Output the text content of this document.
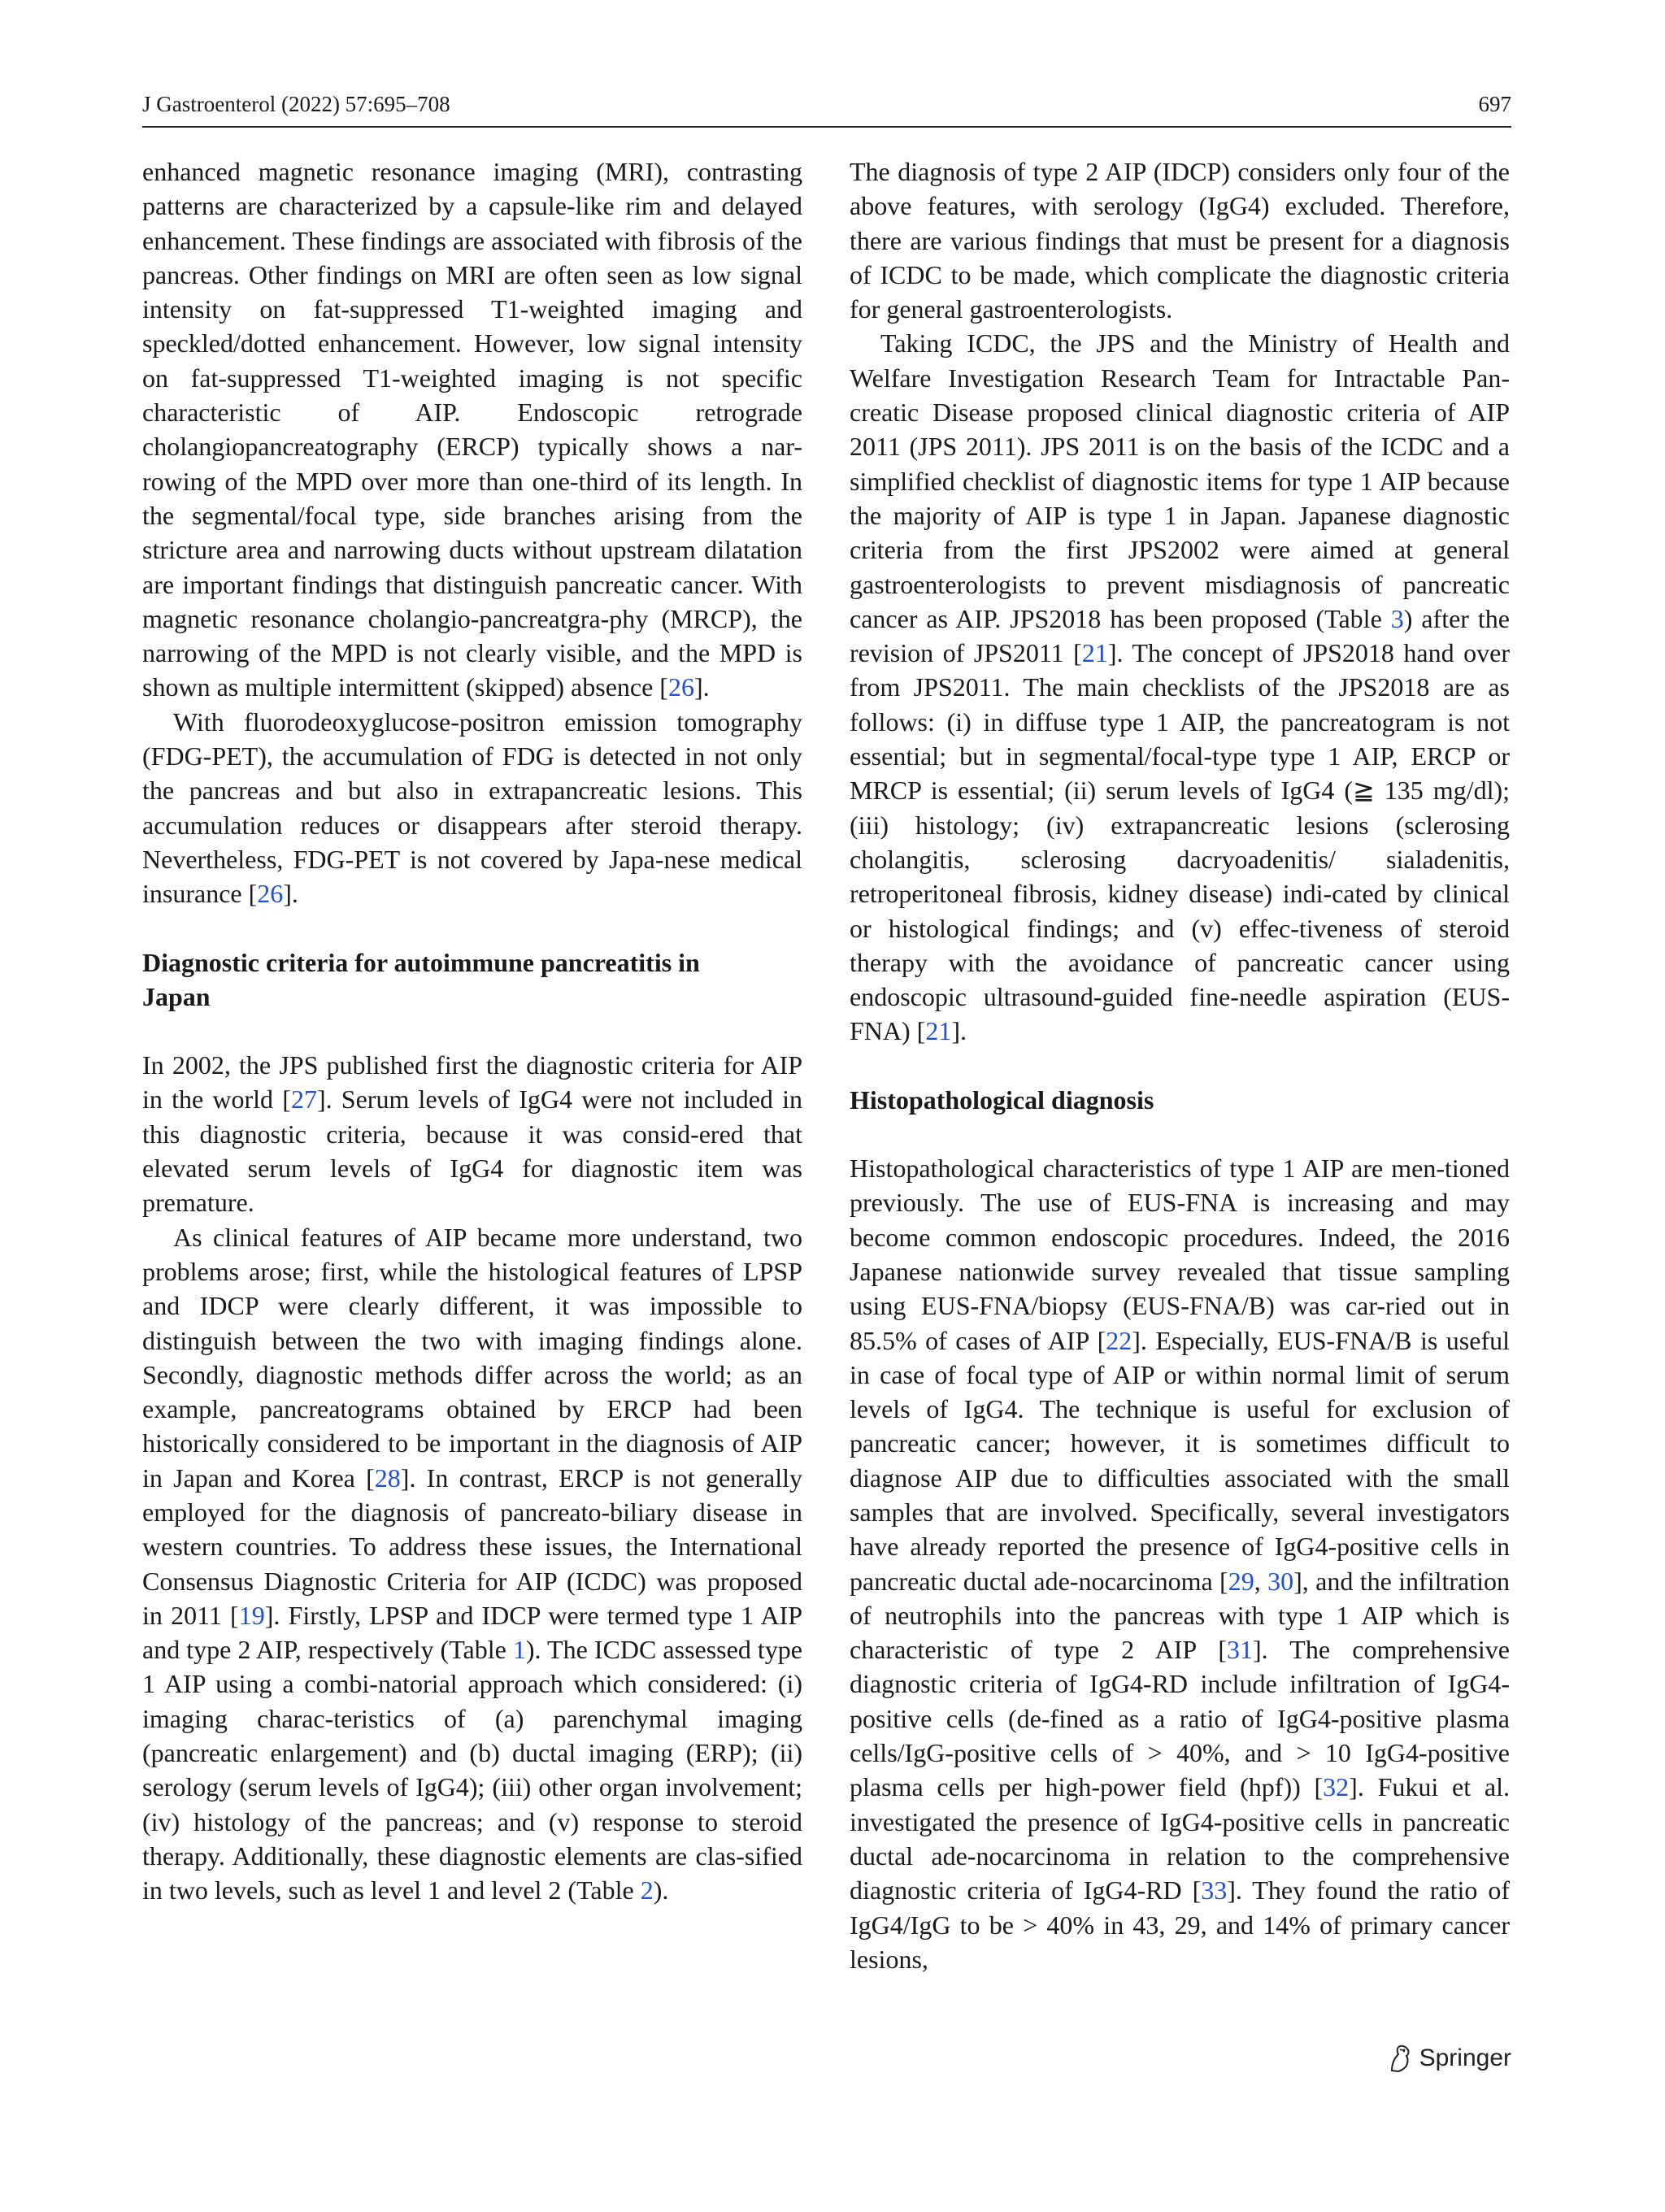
J Gastroenterol (2022) 57:695–708	697

enhanced magnetic resonance imaging (MRI), contrasting patterns are characterized by a capsule-like rim and delayed enhancement. These findings are associated with fibrosis of the pancreas. Other findings on MRI are often seen as low signal intensity on fat-suppressed T1-weighted imaging and speckled/dotted enhancement. However, low signal intensity on fat-suppressed T1-weighted imaging is not specific characteristic of AIP. Endoscopic retrograde cholangiopancreatography (ERCP) typically shows a nar-rowing of the MPD over more than one-third of its length. In the segmental/focal type, side branches arising from the stricture area and narrowing ducts without upstream dilatation are important findings that distinguish pancreatic cancer. With magnetic resonance cholangio-pancreatgra-phy (MRCP), the narrowing of the MPD is not clearly visible, and the MPD is shown as multiple intermittent (skipped) absence [26].

With fluorodeoxyglucose-positron emission tomography (FDG-PET), the accumulation of FDG is detected in not only the pancreas and but also in extrapancreatic lesions. This accumulation reduces or disappears after steroid therapy. Nevertheless, FDG-PET is not covered by Japa-nese medical insurance [26].

Diagnostic criteria for autoimmune pancreatitis in Japan

In 2002, the JPS published first the diagnostic criteria for AIP in the world [27]. Serum levels of IgG4 were not included in this diagnostic criteria, because it was consid-ered that elevated serum levels of IgG4 for diagnostic item was premature.

As clinical features of AIP became more understand, two problems arose; first, while the histological features of LPSP and IDCP were clearly different, it was impossible to distinguish between the two with imaging findings alone. Secondly, diagnostic methods differ across the world; as an example, pancreatograms obtained by ERCP had been historically considered to be important in the diagnosis of AIP in Japan and Korea [28]. In contrast, ERCP is not generally employed for the diagnosis of pancreato-biliary disease in western countries. To address these issues, the International Consensus Diagnostic Criteria for AIP (ICDC) was proposed in 2011 [19]. Firstly, LPSP and IDCP were termed type 1 AIP and type 2 AIP, respectively (Table 1). The ICDC assessed type 1 AIP using a combi-natorial approach which considered: (i) imaging charac-teristics of (a) parenchymal imaging (pancreatic enlargement) and (b) ductal imaging (ERP); (ii) serology (serum levels of IgG4); (iii) other organ involvement; (iv) histology of the pancreas; and (v) response to steroid therapy. Additionally, these diagnostic elements are clas-sified in two levels, such as level 1 and level 2 (Table 2).

The diagnosis of type 2 AIP (IDCP) considers only four of the above features, with serology (IgG4) excluded. Therefore, there are various findings that must be present for a diagnosis of ICDC to be made, which complicate the diagnostic criteria for general gastroenterologists.

Taking ICDC, the JPS and the Ministry of Health and Welfare Investigation Research Team for Intractable Pan-creatic Disease proposed clinical diagnostic criteria of AIP 2011 (JPS 2011). JPS 2011 is on the basis of the ICDC and a simplified checklist of diagnostic items for type 1 AIP because the majority of AIP is type 1 in Japan. Japanese diagnostic criteria from the first JPS2002 were aimed at general gastroenterologists to prevent misdiagnosis of pancreatic cancer as AIP. JPS2018 has been proposed (Table 3) after the revision of JPS2011 [21]. The concept of JPS2018 hand over from JPS2011. The main checklists of the JPS2018 are as follows: (i) in diffuse type 1 AIP, the pancreatogram is not essential; but in segmental/focal-type type 1 AIP, ERCP or MRCP is essential; (ii) serum levels of IgG4 (≧ 135 mg/dl); (iii) histology; (iv) extrapancreatic lesions (sclerosing cholangitis, sclerosing dacryoadenitis/ sialadenitis, retroperitoneal fibrosis, kidney disease) indi-cated by clinical or histological findings; and (v) effec-tiveness of steroid therapy with the avoidance of pancreatic cancer using endoscopic ultrasound-guided fine-needle aspiration (EUS-FNA) [21].

Histopathological diagnosis

Histopathological characteristics of type 1 AIP are men-tioned previously. The use of EUS-FNA is increasing and may become common endoscopic procedures. Indeed, the 2016 Japanese nationwide survey revealed that tissue sampling using EUS-FNA/biopsy (EUS-FNA/B) was car-ried out in 85.5% of cases of AIP [22]. Especially, EUS-FNA/B is useful in case of focal type of AIP or within normal limit of serum levels of IgG4. The technique is useful for exclusion of pancreatic cancer; however, it is sometimes difficult to diagnose AIP due to difficulties associated with the small samples that are involved. Specifically, several investigators have already reported the presence of IgG4-positive cells in pancreatic ductal ade-nocarcinoma [29, 30], and the infiltration of neutrophils into the pancreas with type 1 AIP which is characteristic of type 2 AIP [31]. The comprehensive diagnostic criteria of IgG4-RD include infiltration of IgG4-positive cells (de-fined as a ratio of IgG4-positive plasma cells/IgG-positive cells of > 40%, and > 10 IgG4-positive plasma cells per high-power field (hpf)) [32]. Fukui et al. investigated the presence of IgG4-positive cells in pancreatic ductal ade-nocarcinoma in relation to the comprehensive diagnostic criteria of IgG4-RD [33]. They found the ratio of IgG4/IgG to be > 40% in 43, 29, and 14% of primary cancer lesions,

Springer
